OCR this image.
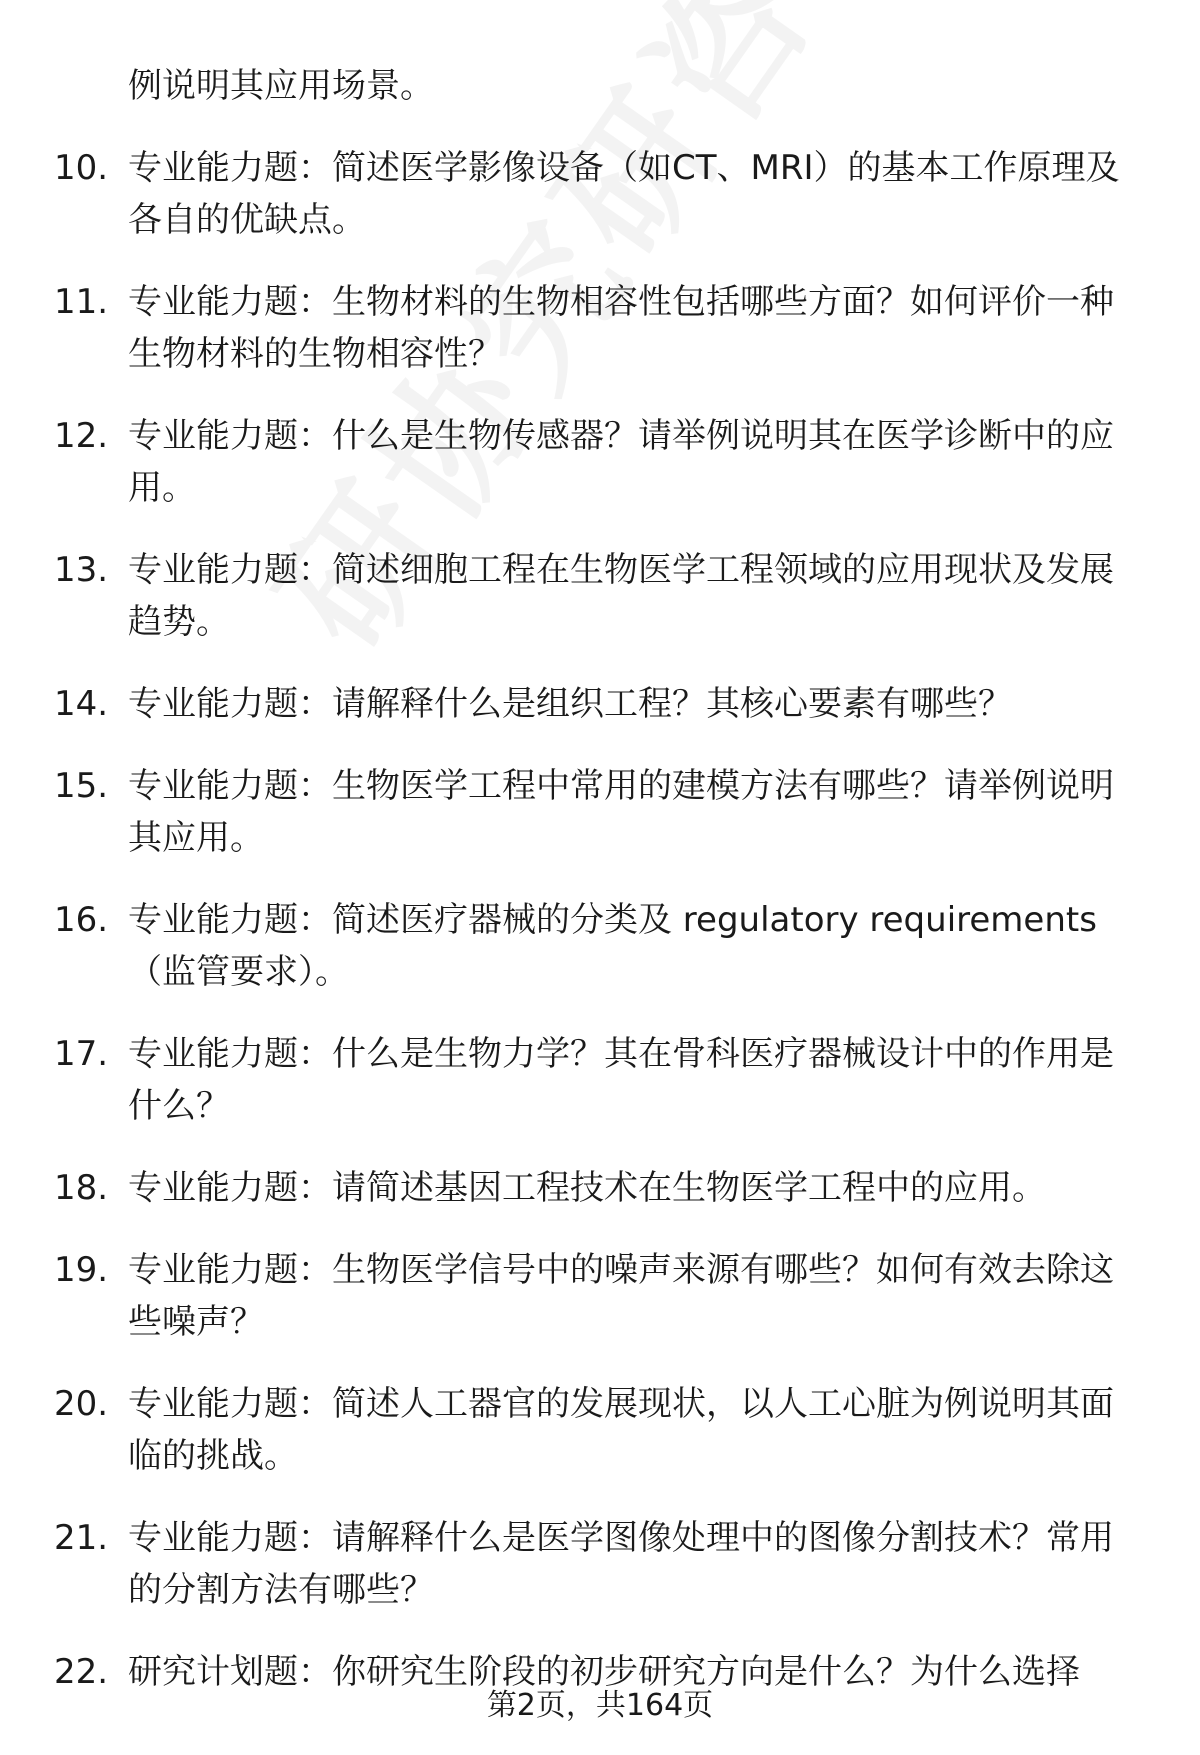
例说明其应用场景。
10. 专业能力题：简述医学影像设备（如CT、MRI）的基本工作原理及各自的优缺点。
11. 专业能力题：生物材料的生物相容性包括哪些方面？如何评价一种生物材料的生物相容性？
12. 专业能力题：什么是生物传感器？请举例说明其在医学诊断中的应用。
13. 专业能力题：简述细胞工程在生物医学工程领域的应用现状及发展趋势。
14. 专业能力题：请解释什么是组织工程？其核心要素有哪些？
15. 专业能力题：生物医学工程中常用的建模方法有哪些？请举例说明其应用。
16. 专业能力题：简述医疗器械的分类及 regulatory requirements（监管要求）。
17. 专业能力题：什么是生物力学？其在骨科医疗器械设计中的作用是什么？
18. 专业能力题：请简述基因工程技术在生物医学工程中的应用。
19. 专业能力题：生物医学信号中的噪声来源有哪些？如何有效去除这些噪声？
20. 专业能力题：简述人工器官的发展现状，以人工心脏为例说明其面临的挑战。
21. 专业能力题：请解释什么是医学图像处理中的图像分割技术？常用的分割方法有哪些？
22. 研究计划题：你研究生阶段的初步研究方向是什么？为什么选择
第2页，共164页
